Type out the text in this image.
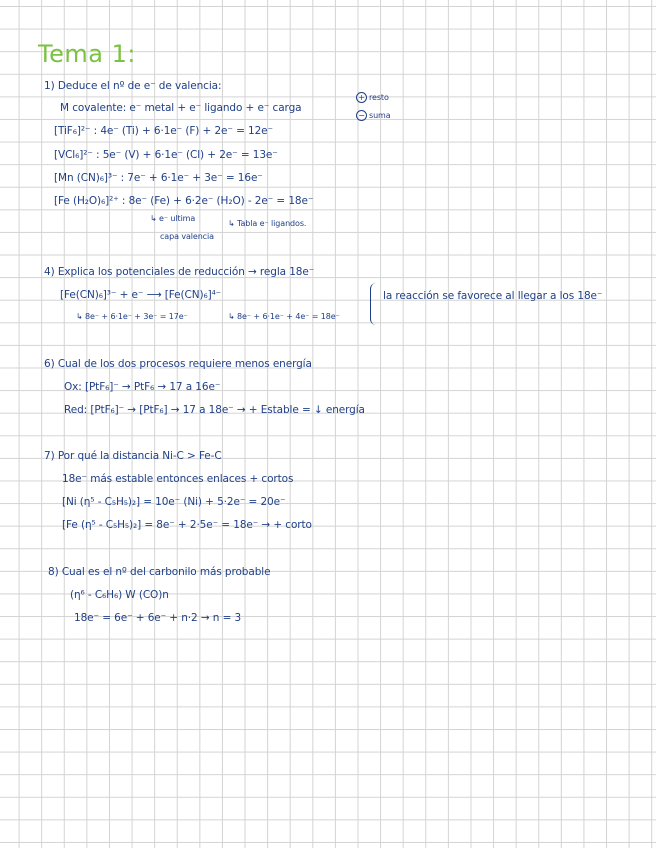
Tema 1:
1) Deduce el nº de e⁻ de valencia:
M covalente: e⁻ metal + e⁻ ligando + e⁻ carga
+ resto
− suma
[TiF₆]²⁻ : 4e⁻ (Ti) + 6·1e⁻ (F) + 2e⁻ = 12e⁻
[VCl₆]²⁻ : 5e⁻ (V) + 6·1e⁻ (Cl) + 2e⁻ = 13e⁻
[Mn (CN)₆]³⁻ : 7e⁻ + 6·1e⁻ + 3e⁻ = 16e⁻
[Fe (H₂O)₆]²⁺ : 8e⁻ (Fe) + 6·2e⁻ (H₂O) - 2e⁻ = 18e⁻
↳ e⁻ ultima
capa valencia
↳ Tabla e⁻ ligandos.
4) Explica los potenciales de reducción → regla 18e⁻
[Fe(CN)₆]³⁻ + e⁻ ⟶ [Fe(CN)₆]⁴⁻
↳ 8e⁻ + 6·1e⁻ + 3e⁻ = 17e⁻	↳ 8e⁻ + 6·1e⁻ + 4e⁻ = 18e⁻
la reacción se favorece al llegar a los 18e⁻
6) Cual de los dos procesos requiere menos energía
Ox: [PtF₆]⁻ → PtF₆ → 17 a 16e⁻
Red: [PtF₆]⁻ → [PtF₆] → 17 a 18e⁻ → + Estable = ↓ energía
7) Por qué la distancia Ni-C > Fe-C
18e⁻ más estable entonces enlaces + cortos
[Ni (η⁵ - C₅H₅)₂] = 10e⁻ (Ni) + 5·2e⁻ = 20e⁻
[Fe (η⁵ - C₅H₅)₂] = 8e⁻ + 2·5e⁻ = 18e⁻ → + corto
8) Cual es el nº del carbonilo más probable
(η⁶ - C₆H₆) W (CO)n
18e⁻ = 6e⁻ + 6e⁻ + n·2 → n = 3
